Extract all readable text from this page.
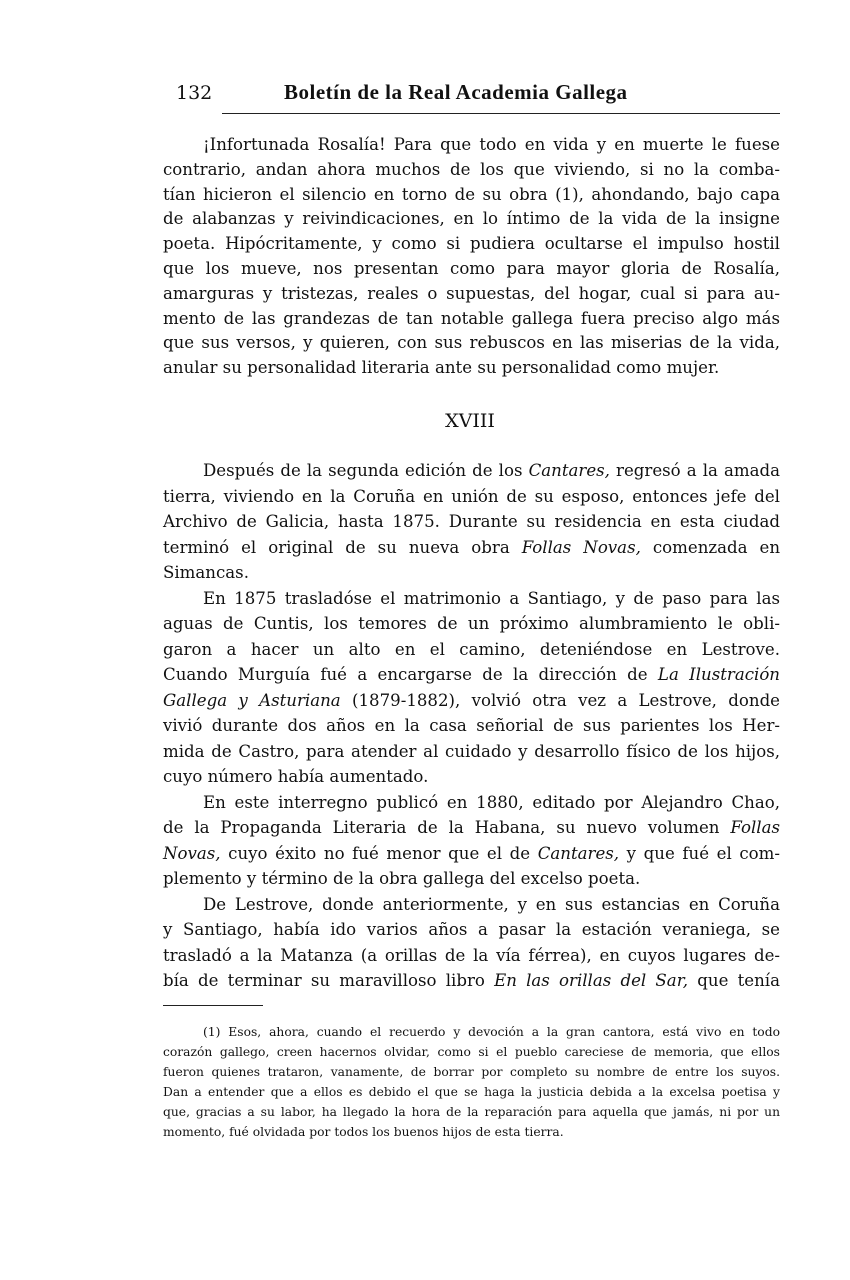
132	Boletín de la Real Academia Gallega
¡Infortunada Rosalía! Para que todo en vida y en muerte le fuese
contrario, andan ahora muchos de los que viviendo, si no la comba-
tían hicieron el silencio en torno de su obra (1), ahondando, bajo capa
de alabanzas y reivindicaciones, en lo íntimo de la vida de la insigne
poeta. Hipócritamente, y como si pudiera ocultarse el impulso hostil
que los mueve, nos presentan como para mayor gloria de Rosalía,
amarguras y tristezas, reales o supuestas, del hogar, cual si para au-
mento de las grandezas de tan notable gallega fuera preciso algo más
que sus versos, y quieren, con sus rebuscos en las miserias de la vida,
anular su personalidad literaria ante su personalidad como mujer.
XVIII
Después de la segunda edición de los Cantares, regresó a la amada
tierra, viviendo en la Coruña en unión de su esposo, entonces jefe del
Archivo de Galicia, hasta 1875. Durante su residencia en esta ciudad
terminó el original de su nueva obra Follas Novas, comenzada en
Simancas.
En 1875 trasladóse el matrimonio a Santiago, y de paso para las
aguas de Cuntis, los temores de un próximo alumbramiento le obli-
garon a hacer un alto en el camino, deteniéndose en Lestrove.
Cuando Murguía fué a encargarse de la dirección de La Ilustración
Gallega y Asturiana (1879-1882), volvió otra vez a Lestrove, donde
vivió durante dos años en la casa señorial de sus parientes los Her-
mida de Castro, para atender al cuidado y desarrollo físico de los hijos,
cuyo número había aumentado.
En este interregno publicó en 1880, editado por Alejandro Chao,
de la Propaganda Literaria de la Habana, su nuevo volumen Follas
Novas, cuyo éxito no fué menor que el de Cantares, y que fué el com-
plemento y término de la obra gallega del excelso poeta.
De Lestrove, donde anteriormente, y en sus estancias en Coruña
y Santiago, había ido varios años a pasar la estación veraniega, se
trasladó a la Matanza (a orillas de la vía férrea), en cuyos lugares de-
bía de terminar su maravilloso libro En las orillas del Sar, que tenía
(1) Esos, ahora, cuando el recuerdo y devoción a la gran cantora, está vivo en todo
corazón gallego, creen hacernos olvidar, como si el pueblo careciese de memoria, que ellos
fueron quienes trataron, vanamente, de borrar por completo su nombre de entre los suyos.
Dan a entender que a ellos es debido el que se haga la justicia debida a la excelsa poetisa y
que, gracias a su labor, ha llegado la hora de la reparación para aquella que jamás, ni por un
momento, fué olvidada por todos los buenos hijos de esta tierra.
